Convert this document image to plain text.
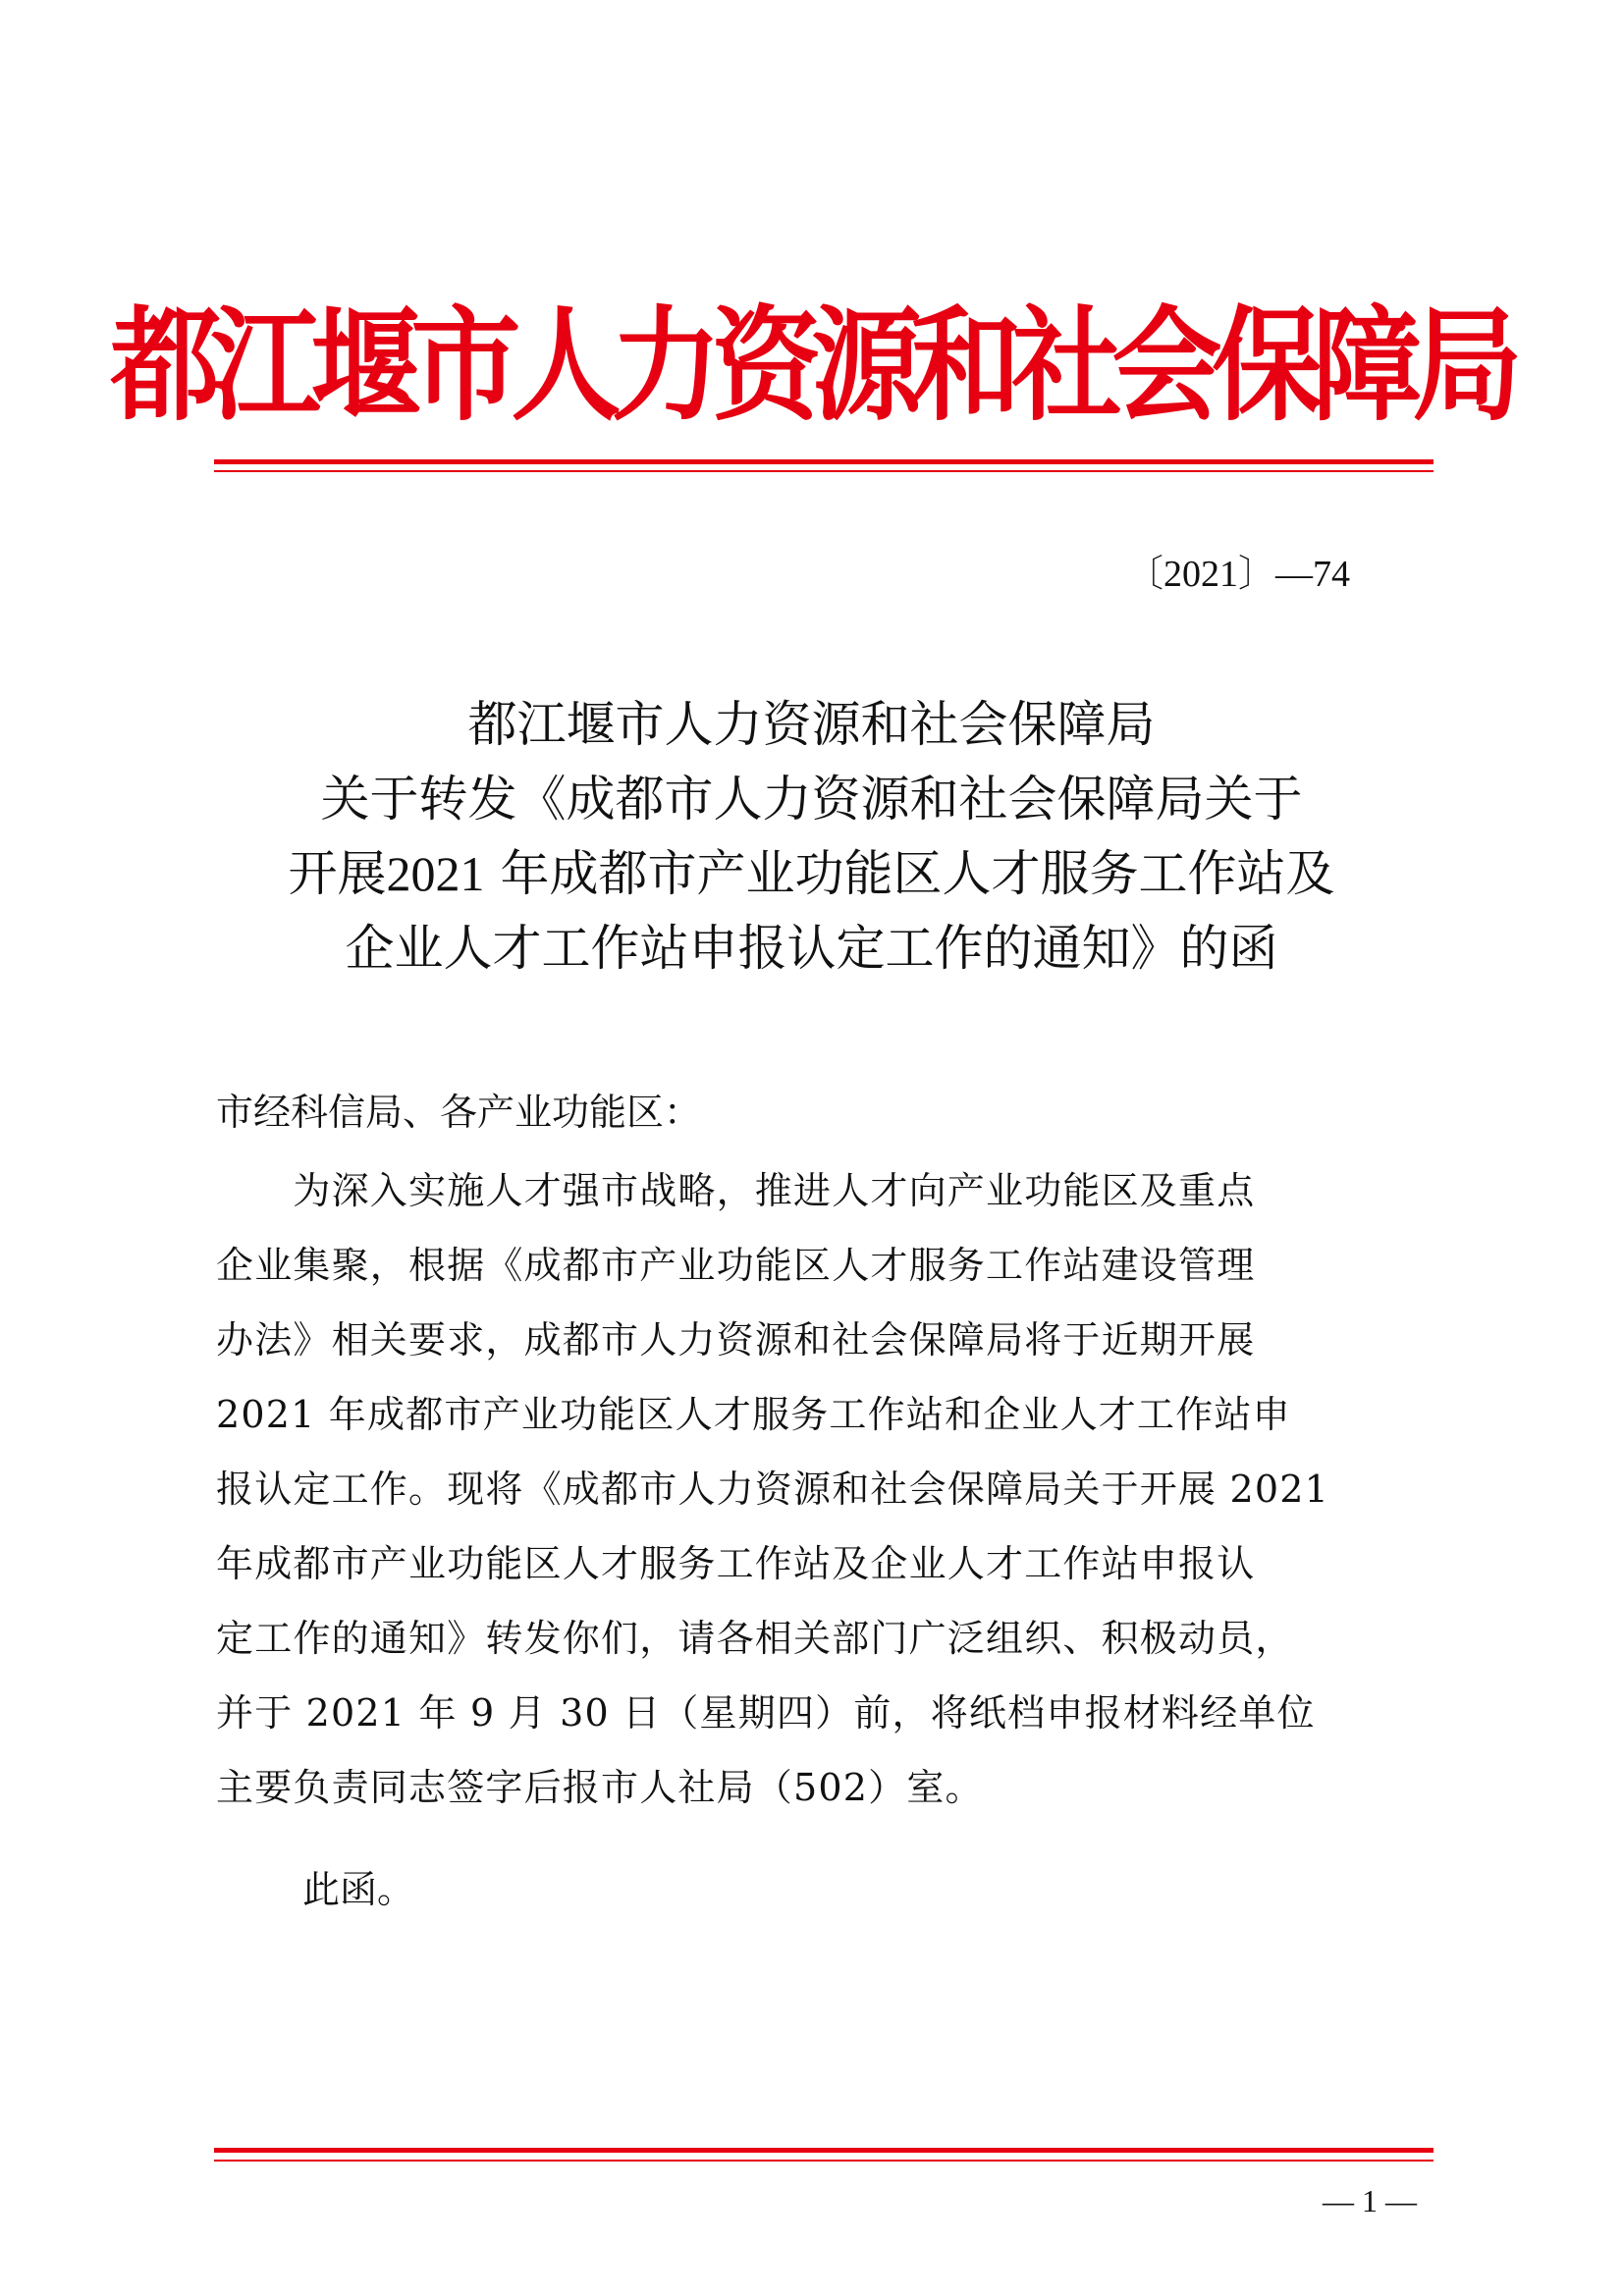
都江堰市人力资源和社会保障局
〔2021〕—74
都江堰市人力资源和社会保障局
关于转发《成都市人力资源和社会保障局关于
开展2021 年成都市产业功能区人才服务工作站及
企业人才工作站申报认定工作的通知》的函
市经科信局、各产业功能区：
　　为深入实施人才强市战略，推进人才向产业功能区及重点
企业集聚，根据《成都市产业功能区人才服务工作站建设管理
办法》相关要求，成都市人力资源和社会保障局将于近期开展
2021 年成都市产业功能区人才服务工作站和企业人才工作站申
报认定工作。现将《成都市人力资源和社会保障局关于开展 2021
年成都市产业功能区人才服务工作站及企业人才工作站申报认
定工作的通知》转发你们，请各相关部门广泛组织、积极动员，
并于 2021 年 9 月 30 日（星期四）前，将纸档申报材料经单位
主要负责同志签字后报市人社局（502）室。
此函。
— 1 —
